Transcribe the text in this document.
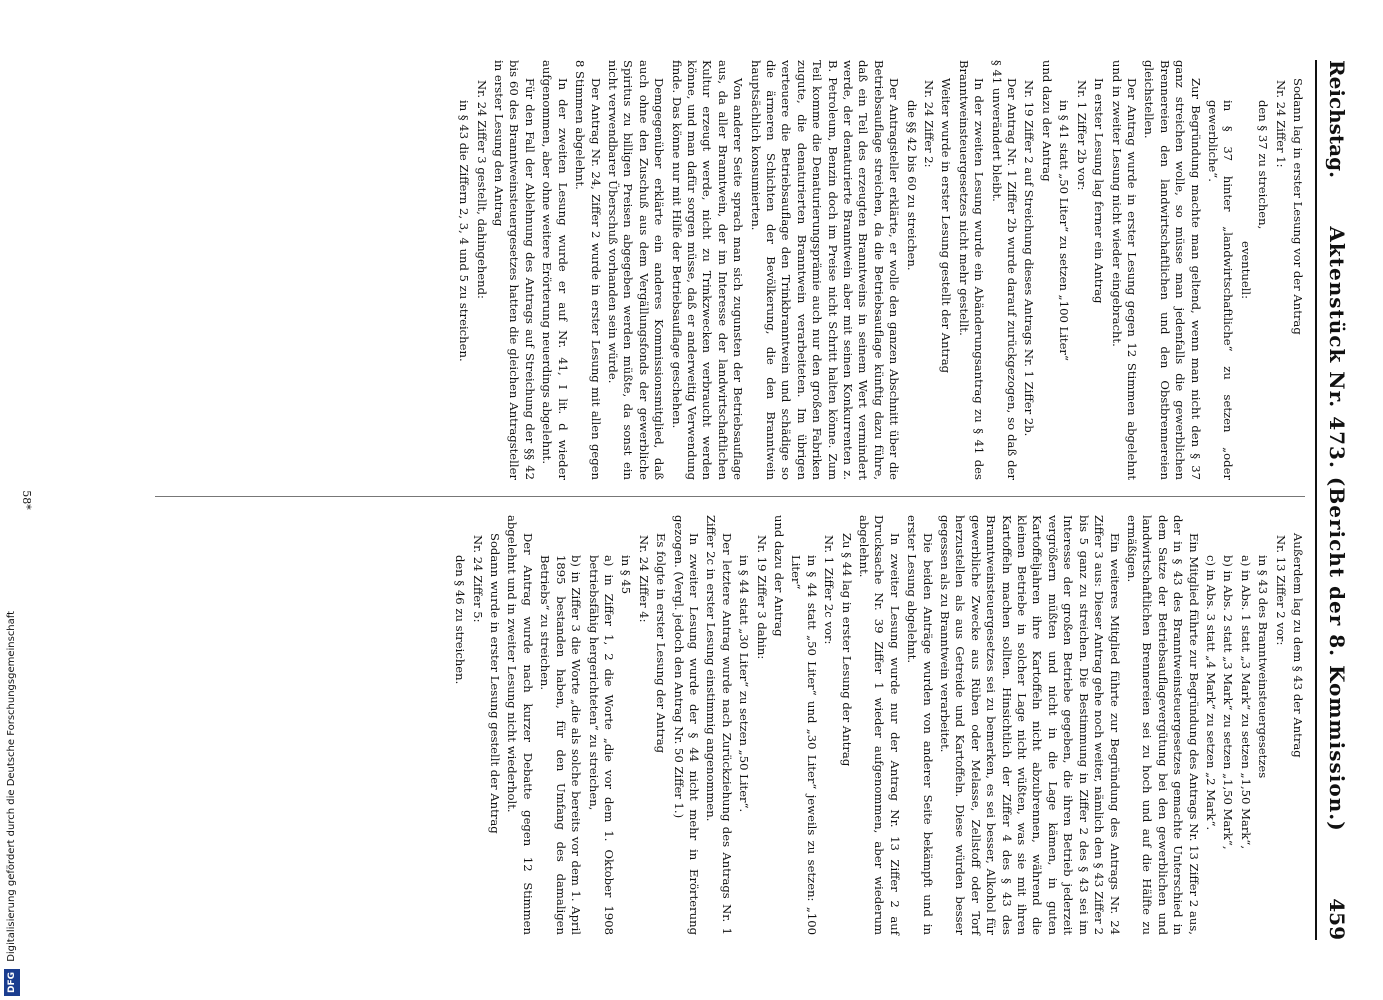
Reichstag.
Aktenstück Nr. 473. (Bericht der 8. Kommission.)
459

Sodann lag in erster Lesung vor der Antrag

Nr. 24 Ziffer 1:

den § 37 zu streichen,

eventuell:

in § 37 hinter „landwirtschaftliche“ zu setzen „oder gewerbliche“.

Zur Begründung machte man geltend, wenn man nicht den § 37 ganz streichen wolle, so müsse man jedenfalls die gewerblichen Brennereien den landwirtschaftlichen und den Obstbrennereien gleichstellen.

Der Antrag wurde in erster Lesung gegen 12 Stimmen abgelehnt und in zweiter Lesung nicht wieder eingebracht.

In erster Lesung lag ferner ein Antrag

Nr. 1 Ziffer 2b vor:

in § 41 statt „50 Liter“ zu setzen „100 Liter“

und dazu der Antrag

Nr. 19 Ziffer 2 auf Streichung dieses Antrags Nr. 1 Ziffer 2b.

Der Antrag Nr. 1 Ziffer 2b wurde darauf zurückgezogen, so daß der § 41 unverändert bleibt.

In der zweiten Lesung wurde ein Abänderungsantrag zu § 41 des Branntweinsteuergesetzes nicht mehr gestellt.

Weiter wurde in erster Lesung gestellt der Antrag

Nr. 24 Ziffer 2:

die §§ 42 bis 60 zu streichen.

Der Antragsteller erklärte, er wolle den ganzen Abschnitt über die Betriebsauflage streichen, da die Betriebsauflage künftig dazu führe, daß ein Teil des erzeugten Branntweins in seinem Wert vermindert werde, der denaturierte Branntwein aber mit seinen Konkurrenten z. B. Petroleum, Benzin doch im Preise nicht Schritt halten könne. Zum Teil komme die Denaturierungsprämie auch nur den großen Fabriken zugute, die denaturierten Branntwein verarbeiteten. Im übrigen verteuere die Betriebsauflage den Trinkbranntwein und schädige so die ärmeren Schichten der Bevölkerung, die den Branntwein hauptsächlich konsumierten.

Von anderer Seite sprach man sich zugunsten der Betriebsauflage aus, da aller Branntwein, der im Interesse der landwirtschaftlichen Kultur erzeugt werde, nicht zu Trinkzwecken verbraucht werden könne, und man dafür sorgen müsse, daß er anderweitig Verwendung finde. Das könne nur mit Hilfe der Betriebsauflage geschehen.

Demgegenüber erklärte ein anderes Kommissionsmitglied, daß auch ohne den Zuschuß aus dem Vergällungsfonds der gewerbliche Spiritus zu billigen Preisen abgegeben werden müßte, da sonst ein nicht verwendbarer Überschuß vorhanden sein würde.

Der Antrag Nr. 24, Ziffer 2 wurde in erster Lesung mit allen gegen 8 Stimmen abgelehnt.

In der zweiten Lesung wurde er auf Nr. 41, I lit. d wieder aufgenommen, aber ohne weitere Erörterung neuerdings abgelehnt.

Für den Fall der Ablehnung des Antrags auf Streichung der §§ 42 bis 60 des Branntweinsteuergesetzes hatten die gleichen Antragsteller in erster Lesung den Antrag

Nr. 24 Ziffer 3 gestellt, dahingehend:

in § 43 die Ziffern 2, 3, 4 und 5 zu streichen.

Außerdem lag zu dem § 43 der Antrag

Nr. 13 Ziffer 2 vor:

in § 43 des Branntweinsteuergesetzes

a) in Abs. 1 statt „3 Mark“ zu setzen „1,50 Mark“,

b) in Abs. 2 statt „3 Mark“ zu setzen „1,50 Mark“,

c) in Abs. 3 statt „4 Mark“ zu setzen „2 Mark“.

Ein Mitglied führte zur Begründung des Antrags Nr. 13 Ziffer 2 aus, der in § 43 des Branntweinsteuergesetzes gemachte Unterschied in dem Satze der Betriebsauflagevergütung bei den gewerblichen und landwirtschaftlichen Brennereien sei zu hoch und auf die Hälfte zu ermäßigen.

Ein weiteres Mitglied führte zur Begründung des Antrags Nr. 24 Ziffer 3 aus: Dieser Antrag gehe noch weiter, nämlich den § 43 Ziffer 2 bis 5 ganz zu streichen. Die Bestimmung in Ziffer 2 des § 43 sei im Interesse der großen Betriebe gegeben, die ihren Betrieb jederzeit vergrößern müßten und nicht in die Lage kämen, in guten Kartoffeljahren ihre Kartoffeln nicht abzubrennen, während die kleinen Betriebe in solcher Lage nicht wüßten, was sie mit ihren Kartoffeln machen sollten. Hinsichtlich der Ziffer 4 des § 43 des Branntweinsteuergesetzes sei zu bemerken, es sei besser, Alkohol für gewerbliche Zwecke aus Rüben oder Melasse, Zellstoff oder Torf herzustellen als aus Getreide und Kartoffeln. Diese würden besser gegessen als zu Branntwein verarbeitet.

Die beiden Anträge wurden von anderer Seite bekämpft und in erster Lesung abgelehnt.

In zweiter Lesung wurde nur der Antrag Nr. 13 Ziffer 2 auf Drucksache Nr. 39 Ziffer 1 wieder aufgenommen, aber wiederum abgelehnt.

Zu § 44 lag in erster Lesung der Antrag

Nr. 1 Ziffer 2c vor:

in § 44 statt „50 Liter“ und „30 Liter“ jeweils zu setzen: „100 Liter“

und dazu der Antrag

Nr. 19 Ziffer 3 dahin:

in § 44 statt „30 Liter“ zu setzen „50 Liter“.

Der letztere Antrag wurde nach Zurückziehung des Antrags Nr. 1 Ziffer 2c in erster Lesung einstimmig angenommen.

In zweiter Lesung wurde der § 44 nicht mehr in Erörterung gezogen. (Vergl. jedoch den Antrag Nr. 50 Ziffer 1.)

Es folgte in erster Lesung der Antrag

Nr. 24 Ziffer 4:

in § 45

a) in Ziffer 1, 2 die Worte „die vor dem 1. Oktober 1908 betriebsfähig hergerichteten“ zu streichen,

b) in Ziffer 3 die Worte „die als solche bereits vor dem 1. April 1895 bestanden haben, für den Umfang des damaligen Betriebs“ zu streichen.

Der Antrag wurde nach kurzer Debatte gegen 12 Stimmen abgelehnt und in zweiter Lesung nicht wiederholt.

Sodann wurde in erster Lesung gestellt der Antrag

Nr. 24 Ziffer 5:

den § 46 zu streichen.

58*
DFG Digitalisierung gefördert durch die Deutsche Forschungsgemeinschaft
